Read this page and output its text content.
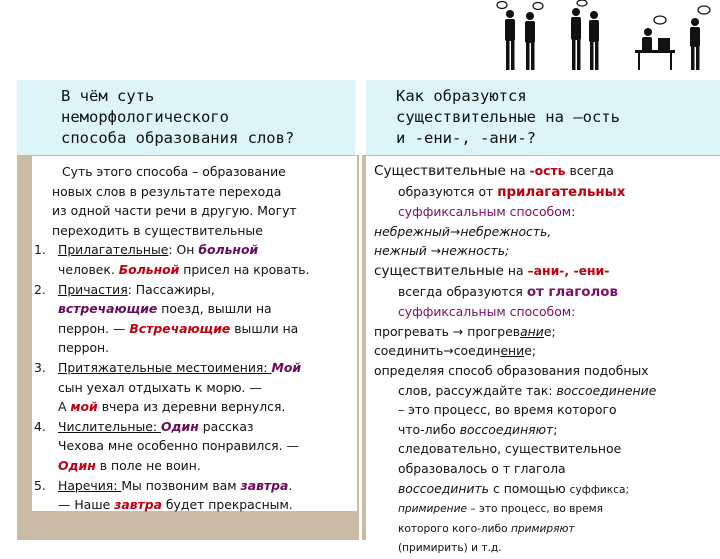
В чём суть
неморфологического
способа образования слов?
Как образуются
существительные на –ость
и -ени-, -ани-?

Суть этого способа – образование

новых слов в результате перехода

из одной части речи в другую. Могут

переходить в существительные

1. Прилагательные: Он больной

человек. Больной присел на кровать.

2. Причастия: Пассажиры,

встречающие поезд, вышли на

перрон. — Встречающие вышли на

перрон.

3. Притяжательные местоимения: Мой

сын уехал отдыхать к морю. —

А мой вчера из деревни вернулся.

4. Числительные: Один рассказ

Чехова мне особенно понравился. —

Один в поле не воин.

5. Наречия: Мы позвоним вам завтра.

— Наше завтра будет прекрасным.

Существительные на -ость всегда

образуются от прилагательных

суффиксальным способом:

небрежный→небрежность,

нежный →нежность;

существительные на –ани-, -ени-

всегда образуются от глаголов

суффиксальным способом:

прогревать → прогревание;

соединить→соединение;

определяя способ образования подобных

слов, рассуждайте так: воссоединение

– это процесс, во время которого

что-либо воссоединяют;

следовательно, существительное

образовалось о т глагола

воссоединить с помощью суффикса;

примирение – это процесс, во время

которого кого-либо примиряют

(примирить) и т.д.
